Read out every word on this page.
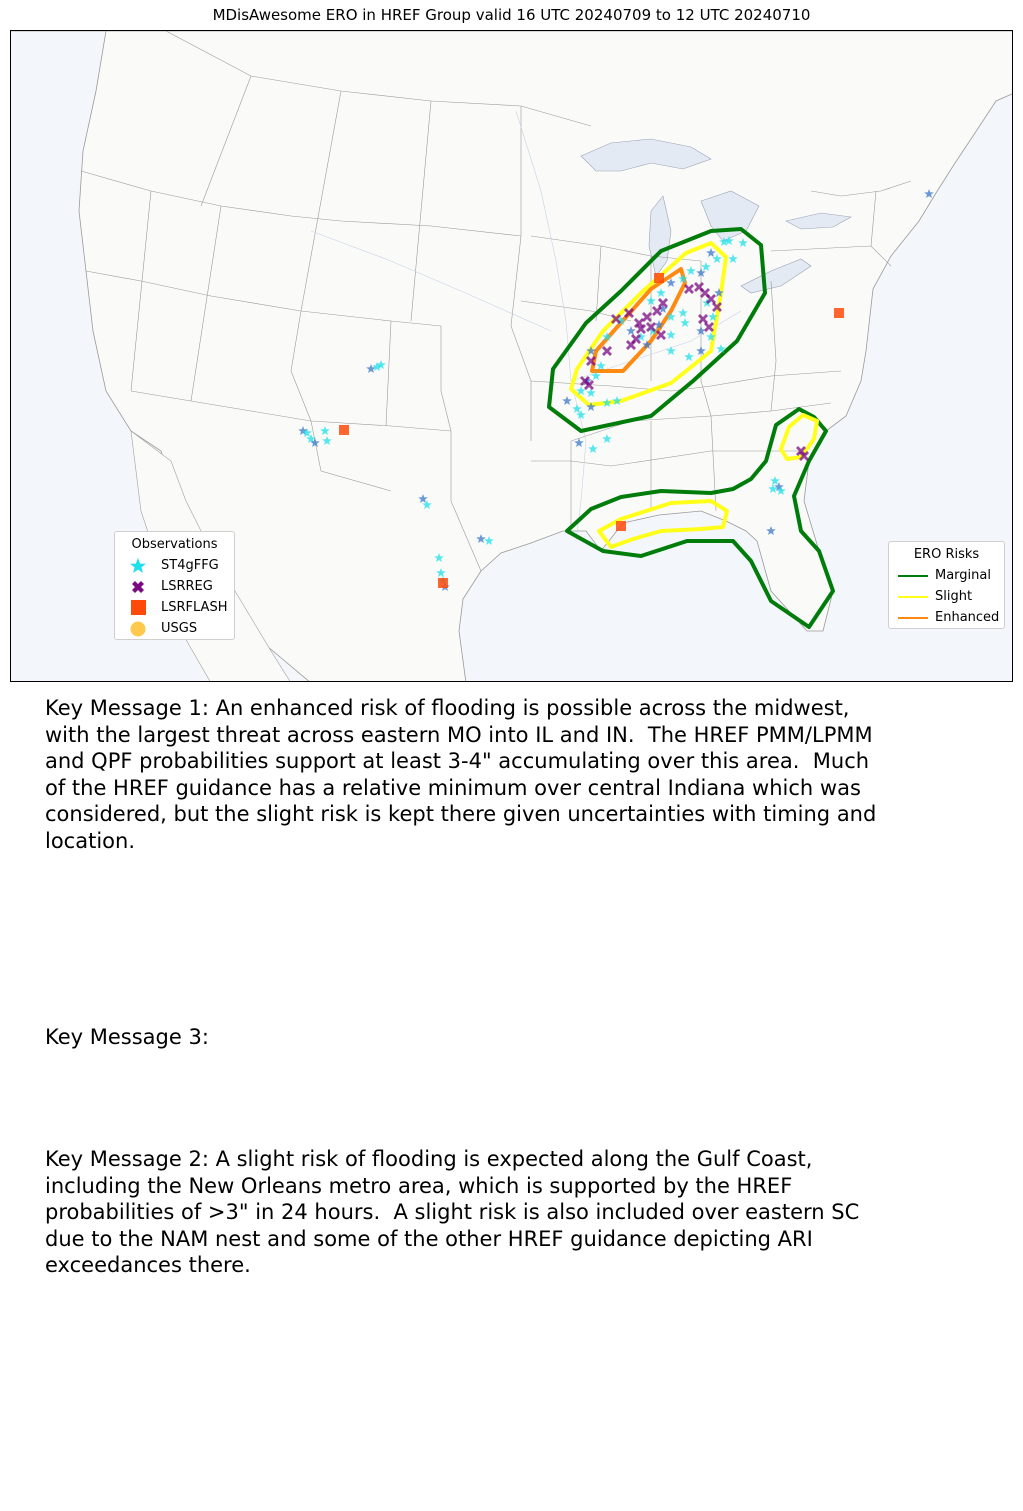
MDisAwesome ERO in HREF Group valid 16 UTC 20240709 to 12 UTC 20240710
Observations
ST4gFFG
LSRREG
LSRFLASH
USGS
ERO Risks
Marginal
Slight
Enhanced
Key Message 1: An enhanced risk of flooding is possible across the midwest,
with the largest threat across eastern MO into IL and IN.  The HREF PMM/LPMM
and QPF probabilities support at least 3-4" accumulating over this area.  Much
of the HREF guidance has a relative minimum over central Indiana which was
considered, but the slight risk is kept there given uncertainties with timing and
location.
Key Message 3:
Key Message 2: A slight risk of flooding is expected along the Gulf Coast,
including the New Orleans metro area, which is supported by the HREF
probabilities of >3" in 24 hours.  A slight risk is also included over eastern SC
due to the NAM nest and some of the other HREF guidance depicting ARI
exceedances there.
